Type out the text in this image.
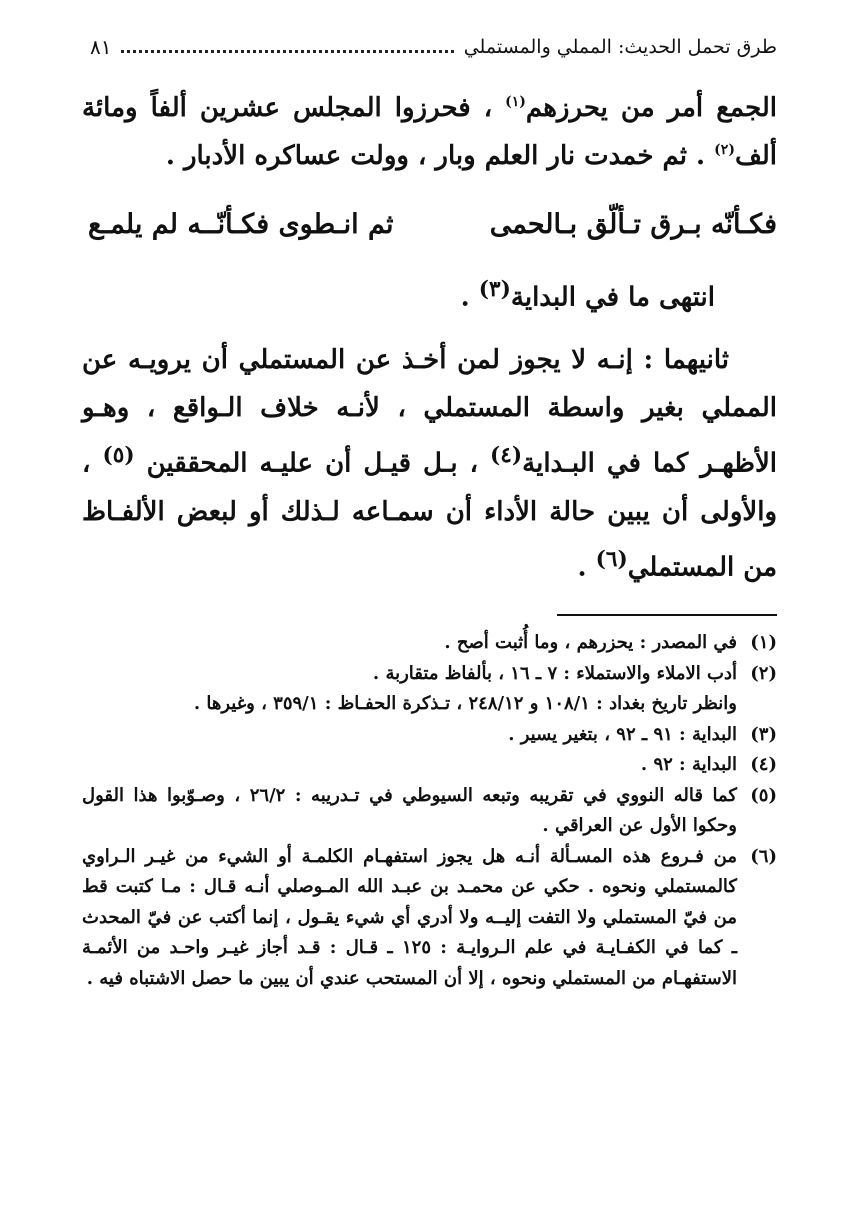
طرق تحمل الحديث: المملي والمستملي
٨١

الجمع أمر من يحرزهم$^{(١)}$ ، فحرزوا المجلس عشرين ألفاً ومائة ألف$^{(٢)}$ . ثم خمدت نار العلم وبار ، وولت عساكره الأدبار .

فكـأنّه بـرق تـألّق بـالحمى
ثم انـطوى فكـأنّــه لم يلمـع
انتهى ما في البداية$^{(٣)}$ .

ثانيهما : إنـه لا يجوز لمن أخـذ عن المستملي أن يرويـه عن المملي بغير واسطة المستملي ، لأنـه خلاف الـواقع ، وهـو الأظهـر كما في البـداية$^{(٤)}$ ، بـل قيـل أن عليـه المحققين $^{(٥)}$ ، والأولى أن يبين حالة الأداء أن سمـاعه لـذلك أو لبعض الألفـاظ من المستملي$^{(٦)}$ .

(١)

في المصدر : يحزرهم ، وما أُثبت أصح .

(٢)

أدب الاملاء والاستملاء : ٧ ـ ١٦ ، بألفاظ متقاربة .

وانظر تاريخ بغداد : ١٠٨/١ و ٢٤٨/١٢ ، تـذكرة الحفـاظ : ٣٥٩/١ ، وغيرها .
(٣)

البداية : ٩١ ـ ٩٢ ، بتغير يسير .

(٤)

البداية : ٩٢ .

(٥)

كما قاله النووي في تقريبه وتبعه السيوطي في تـدريبه : ٢٦/٢ ، وصـوّبوا هذا القول وحكوا الأول عن العراقي .

(٦)

من فـروع هذه المسـألة أنـه هل يجوز استفهـام الكلمـة أو الشيء من غيـر الـراوي كالمستملي ونحوه . حكي عن محمـد بن عبـد الله المـوصلي أنـه قـال : مـا كتبت قط من فيّ المستملي ولا التفت إليــه ولا أدري أي شيء يقـول ، إنما أكتب عن فيّ المحدث ـ كما في الكفـايـة في علم الـروايـة : ١٢٥ ـ قـال : قـد أجاز غيـر واحـد من الأئمـة الاستفهـام من المستملي ونحوه ، إلا أن المستحب عندي أن يبين ما حصل الاشتباه فيه .
